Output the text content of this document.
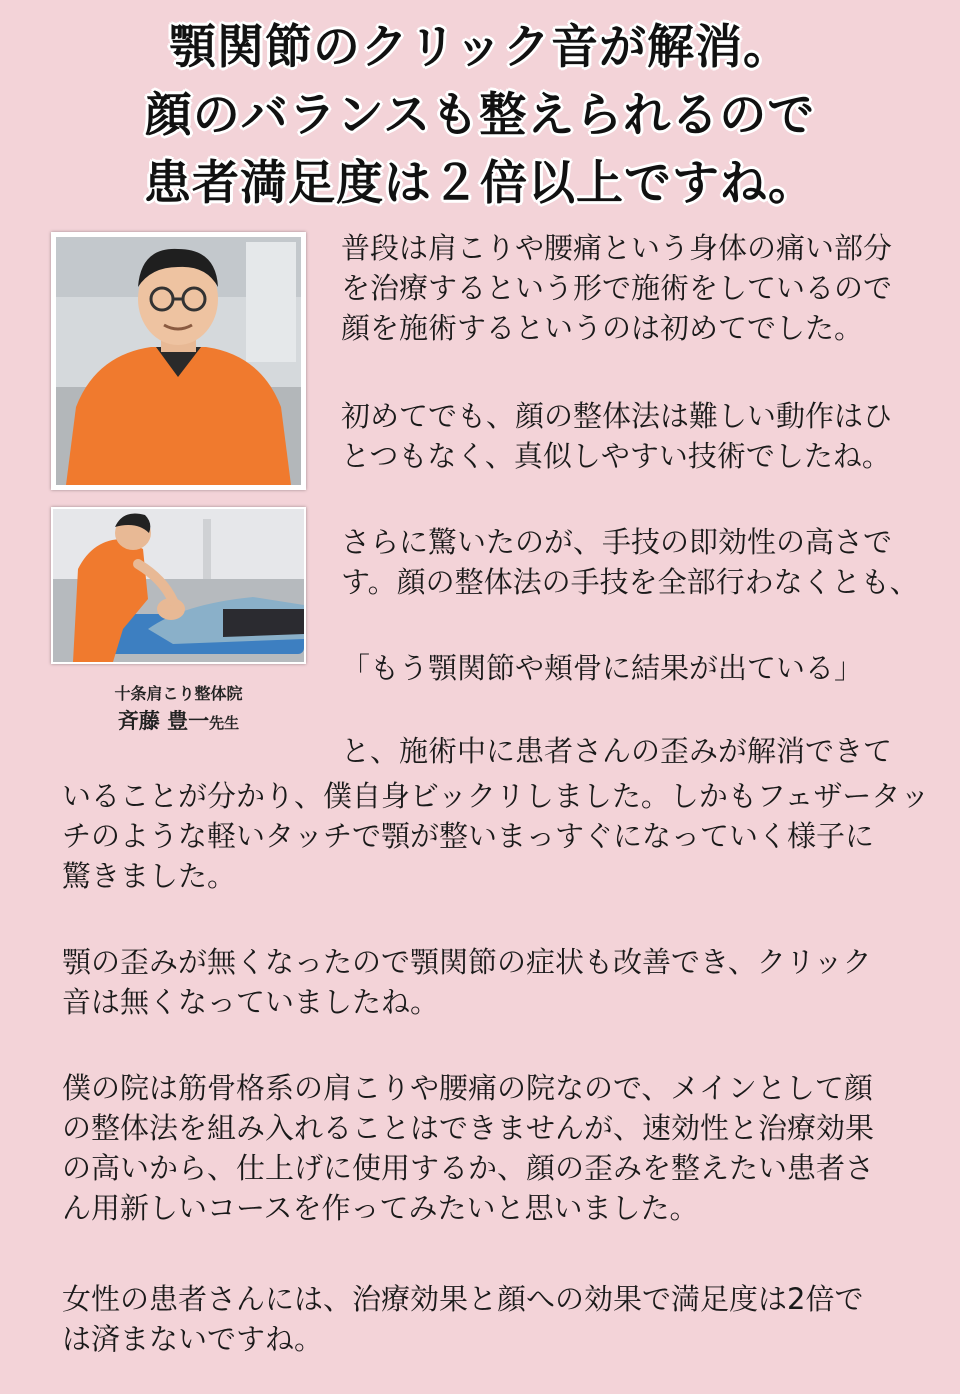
顎関節のクリック音が解消。
顔のバランスも整えられるので
患者満足度は２倍以上ですね。
十条肩こり整体院
斉藤 豊一先生

普段は肩こりや腰痛という身体の痛い部分
を治療するという形で施術をしているので
顔を施術するというのは初めてでした。

初めてでも、顔の整体法は難しい動作はひ
とつもなく、真似しやすい技術でしたね。

さらに驚いたのが、手技の即効性の高さで
す。顔の整体法の手技を全部行わなくとも、

「もう顎関節や頬骨に結果が出ている」

と、施術中に患者さんの歪みが解消できて

いることが分かり、僕自身ビックリしました。しかもフェザータッ
チのような軽いタッチで顎が整いまっすぐになっていく様子に
驚きました。

顎の歪みが無くなったので顎関節の症状も改善でき、クリック
音は無くなっていましたね。

僕の院は筋骨格系の肩こりや腰痛の院なので、メインとして顔
の整体法を組み入れることはできませんが、速効性と治療効果
の高いから、仕上げに使用するか、顔の歪みを整えたい患者さ
ん用新しいコースを作ってみたいと思いました。

女性の患者さんには、治療効果と顔への効果で満足度は2倍で
は済まないですね。
